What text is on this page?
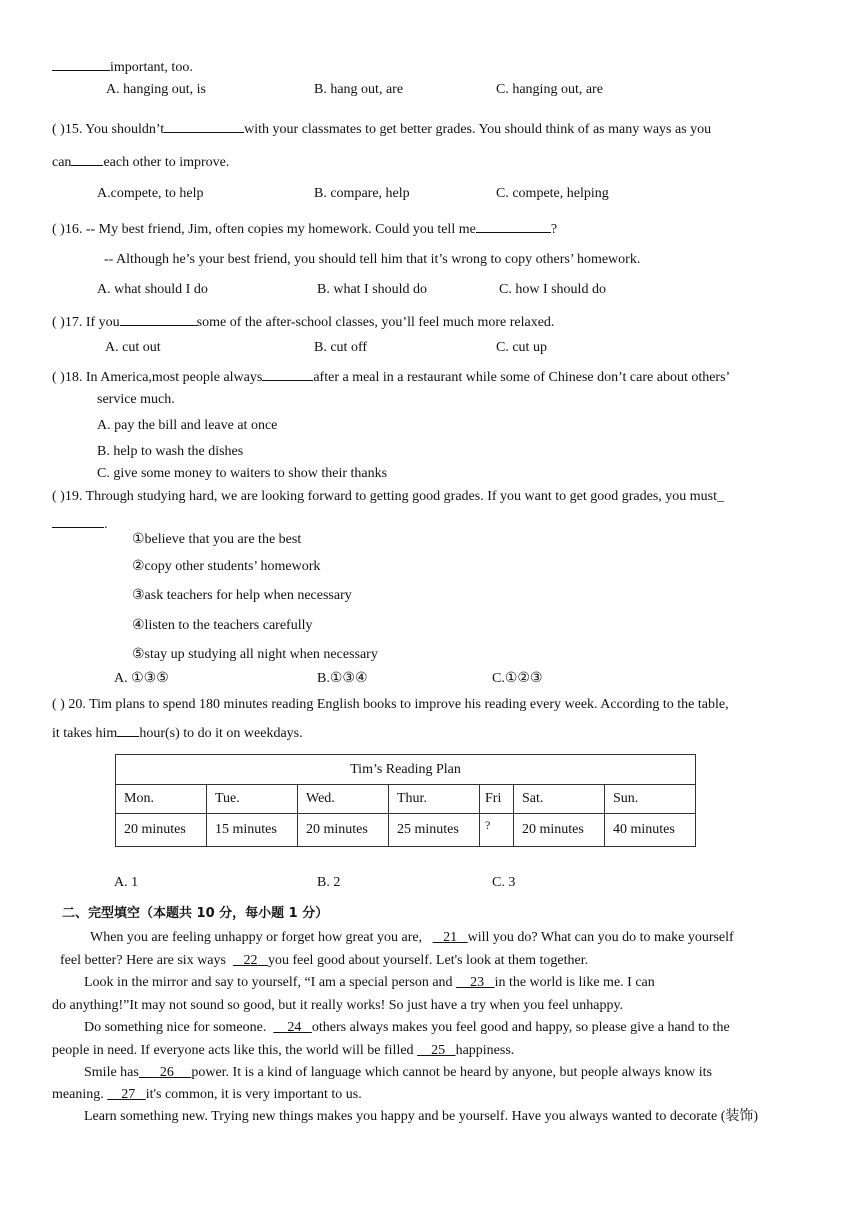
important, too.
A. hanging out, is	B. hang out, are	C. hanging out, are
( )15. You shouldn’t	with your classmates to get better grades. You should think of as many ways as you
can each other to improve.
A.compete, to help	B. compare, help	C. compete, helping
( )16. -- My best friend, Jim, often copies my homework. Could you tell me	?
-- Although he’s your best friend, you should tell him that it’s wrong to copy others’ homework.
A. what should I do	B. what I should do	C. how I should do
( )17. If you	some of the after-school classes, you’ll feel much more relaxed.
A. cut out	B. cut off	C. cut up
( )18. In America,most people always	after a meal in a restaurant while some of Chinese don’t care about others’
service much.
A. pay the bill and leave at once
B. help to wash the dishes
C. give some money to waiters to show their thanks
( )19. Through studying hard, we are looking forward to getting good grades. If you want to get good grades, you must_
.
①believe that you are the best
②copy other students’ homework
③ask teachers for help when necessary
④listen to the teachers carefully
⑤stay up studying all night when necessary
A. ①③⑤	B.①③④	C.①②③
( ) 20. Tim plans to spend 180 minutes reading English books to improve his reading every week. According to the table,
it takes him hour(s) to do it on weekdays.
Tim’s Reading Plan						
Mon.	Tue.	Wed.	Thur.	Fri	Sat.	Sun.
20 minutes	15 minutes	20 minutes	25 minutes	?	20 minutes	40 minutes
A. 1	B. 2	C. 3
二、完型填空（本题共 10 分，每小题 1 分）
When you are feeling unhappy or forget how great you are, 21 will you do? What can you do to make yourself
feel better? Here are six ways 22 you feel good about yourself. Let's look at them together.
Look in the mirror and say to yourself, “I am a special person and 23 in the world is like me. I can
do anything!”It may not sound so good, but it really works! So just have a try when you feel unhappy.
Do something nice for someone. 24 others always makes you feel good and happy, so please give a hand to the
people in need. If everyone acts like this, the world will be filled 25 happiness.
Smile has 26 power. It is a kind of language which cannot be heard by anyone, but people always know its
meaning. 27 it's common, it is very important to us.
Learn something new. Trying new things makes you happy and be yourself. Have you always wanted to decorate (装饰)
